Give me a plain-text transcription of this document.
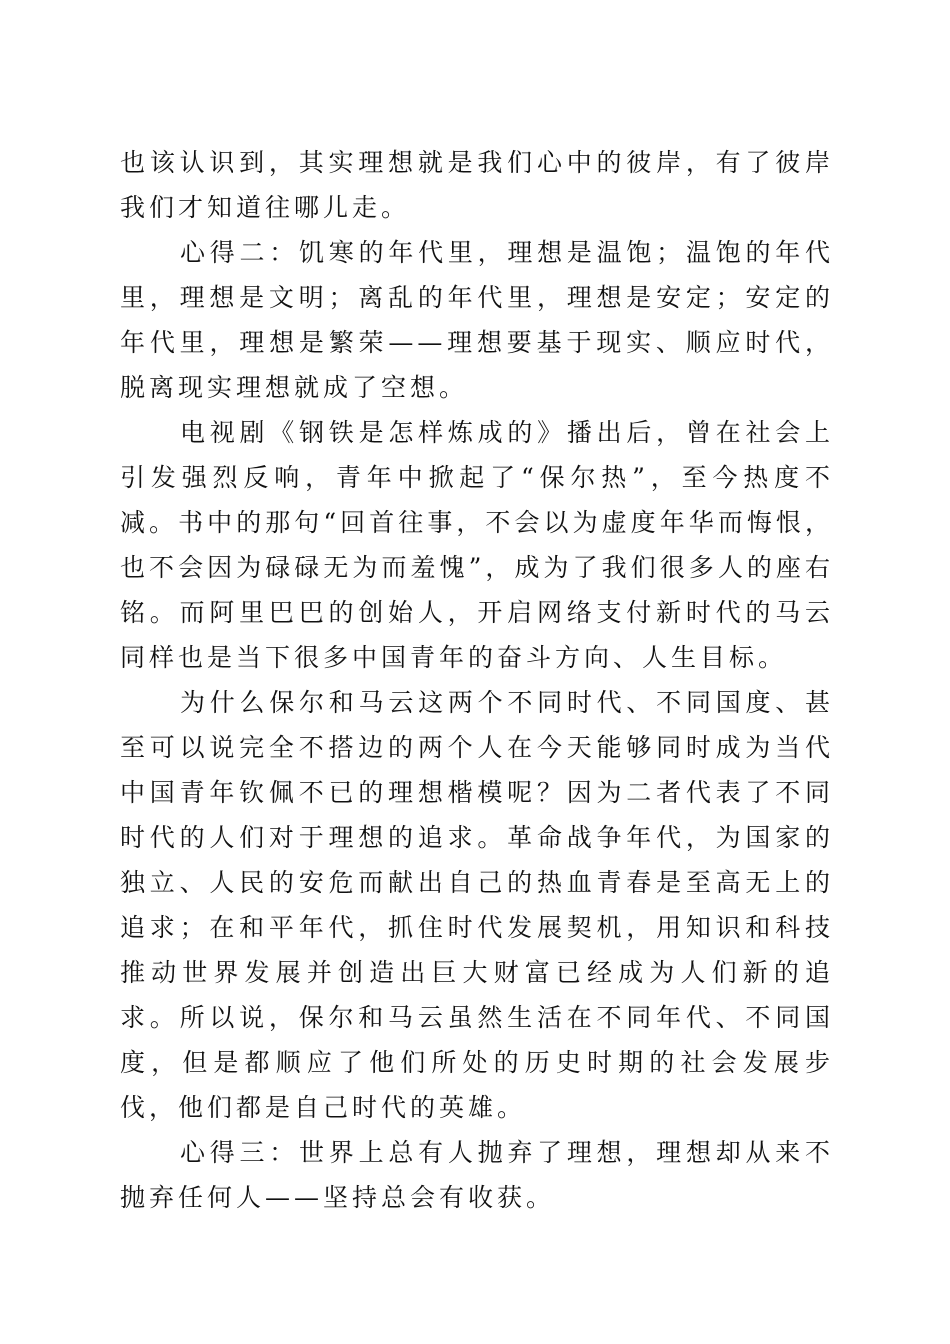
也该认识到，其实理想就是我们心中的彼岸，有了彼岸我们才知道往哪儿走。

心得二：饥寒的年代里，理想是温饱；温饱的年代里，理想是文明；离乱的年代里，理想是安定；安定的年代里，理想是繁荣——理想要基于现实、顺应时代，脱离现实理想就成了空想。

电视剧《钢铁是怎样炼成的》播出后，曾在社会上引发强烈反响，青年中掀起了“保尔热”，至今热度不减。书中的那句“回首往事，不会以为虚度年华而悔恨，也不会因为碌碌无为而羞愧”，成为了我们很多人的座右铭。而阿里巴巴的创始人，开启网络支付新时代的马云同样也是当下很多中国青年的奋斗方向、人生目标。

为什么保尔和马云这两个不同时代、不同国度、甚至可以说完全不搭边的两个人在今天能够同时成为当代中国青年钦佩不已的理想楷模呢？因为二者代表了不同时代的人们对于理想的追求。革命战争年代，为国家的独立、人民的安危而献出自己的热血青春是至高无上的追求；在和平年代，抓住时代发展契机，用知识和科技推动世界发展并创造出巨大财富已经成为人们新的追求。所以说，保尔和马云虽然生活在不同年代、不同国度，但是都顺应了他们所处的历史时期的社会发展步伐，他们都是自己时代的英雄。

心得三：世界上总有人抛弃了理想，理想却从来不抛弃任何人——坚持总会有收获。
